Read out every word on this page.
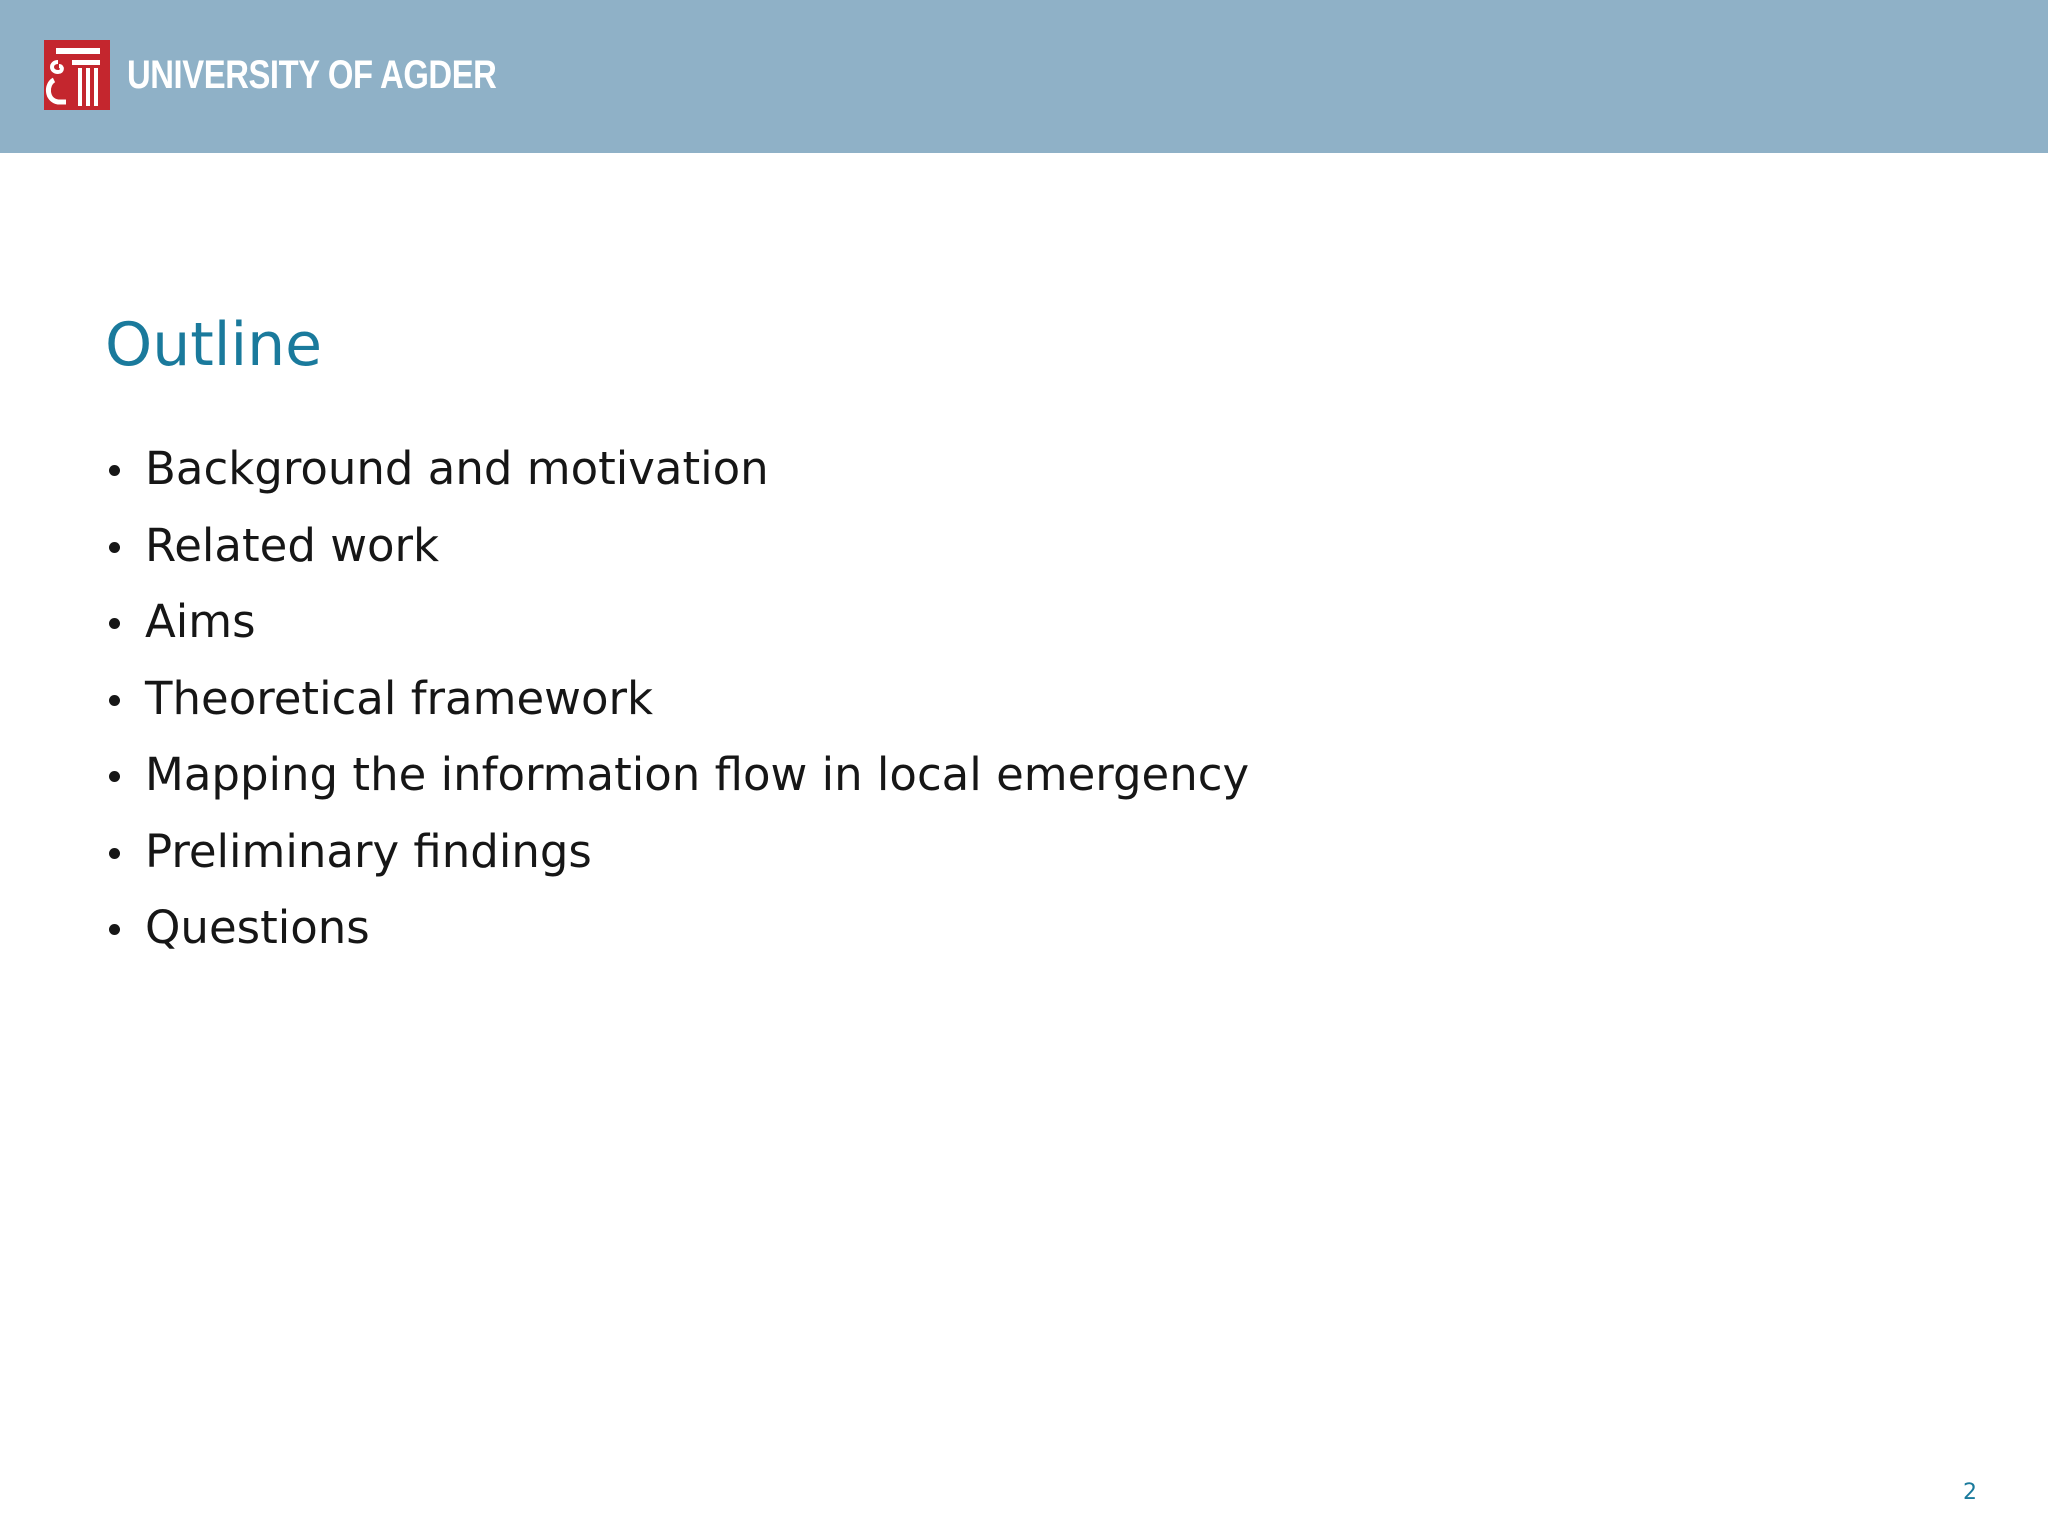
UNIVERSITY OF AGDER
Outline
Background and motivation
Related work
Aims
Theoretical framework
Mapping the information flow in local emergency
Preliminary findings
Questions
2
